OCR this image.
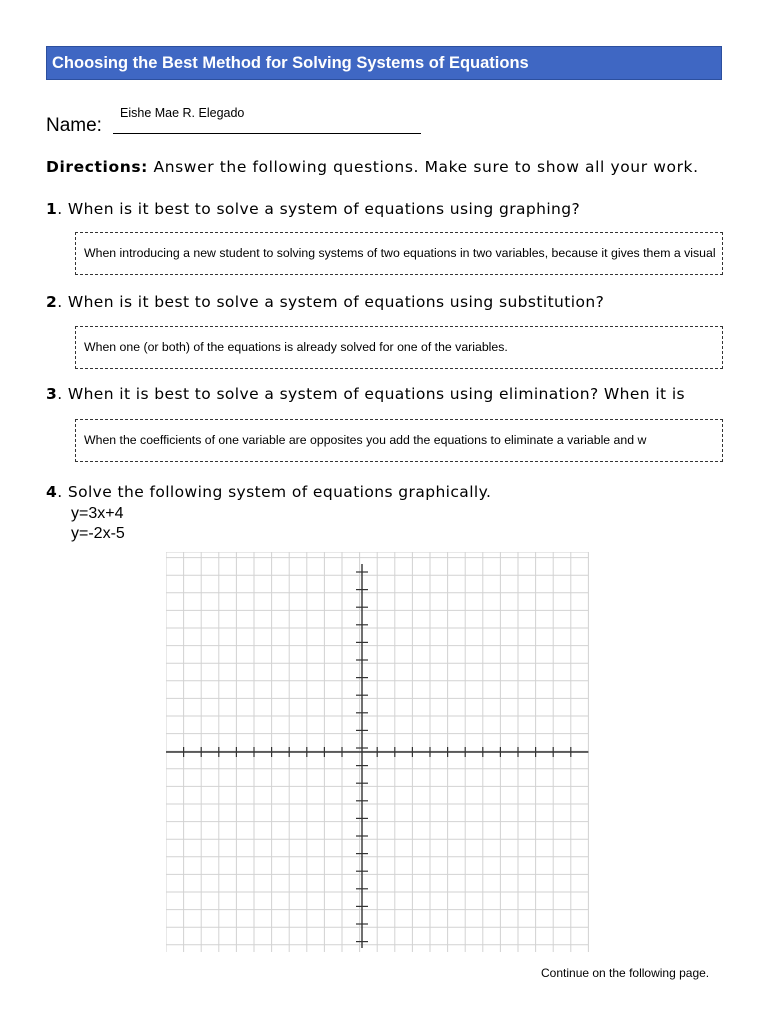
Choosing the Best Method for Solving Systems of Equations
Eishe Mae R. Elegado
Name:
Directions: Answer the following questions. Make sure to show all your work.
1. When is it best to solve a system of equations using graphing?
When introducing a new student to solving systems of two equations in two variables, because it gives them a visual
2. When is it best to solve a system of equations using substitution?
When one (or both) of the equations is already solved for one of the variables.
3. When it is best to solve a system of equations using elimination? When it is
When the coefficients of one variable are opposites you add the equations to eliminate a variable and w
4. Solve the following system of equations graphically.
y=3x+4
y=-2x-5
Continue on the following page.
